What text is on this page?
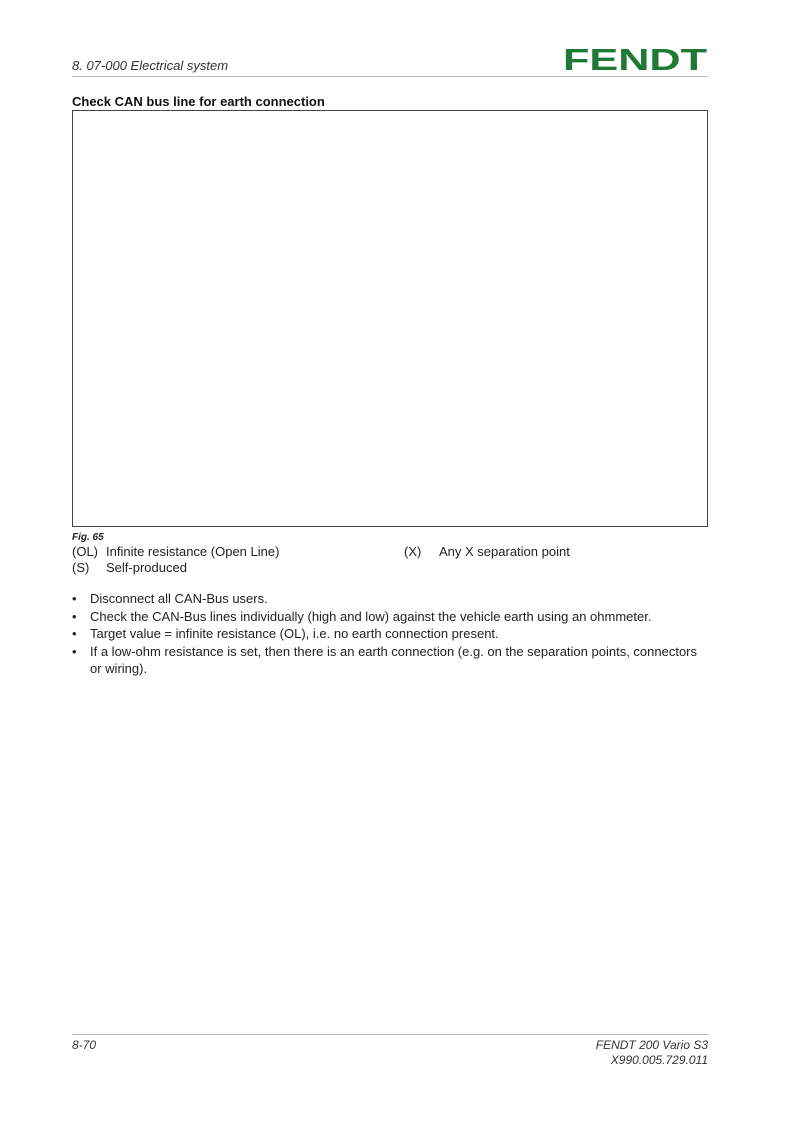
8. 07-000 Electrical system	FENDT
Check CAN bus line for earth connection
Fig. 65
(OL) Infinite resistance (Open Line)	(X) Any X separation point
(S) Self-produced
• Disconnect all CAN-Bus users.
• Check the CAN-Bus lines individually (high and low) against the vehicle earth using an ohmmeter.
• Target value = infinite resistance (OL), i.e. no earth connection present.
• If a low-ohm resistance is set, then there is an earth connection (e.g. on the separation points, connectors or wiring).
8-70	FENDT 200 Vario S3
X990.005.729.011
